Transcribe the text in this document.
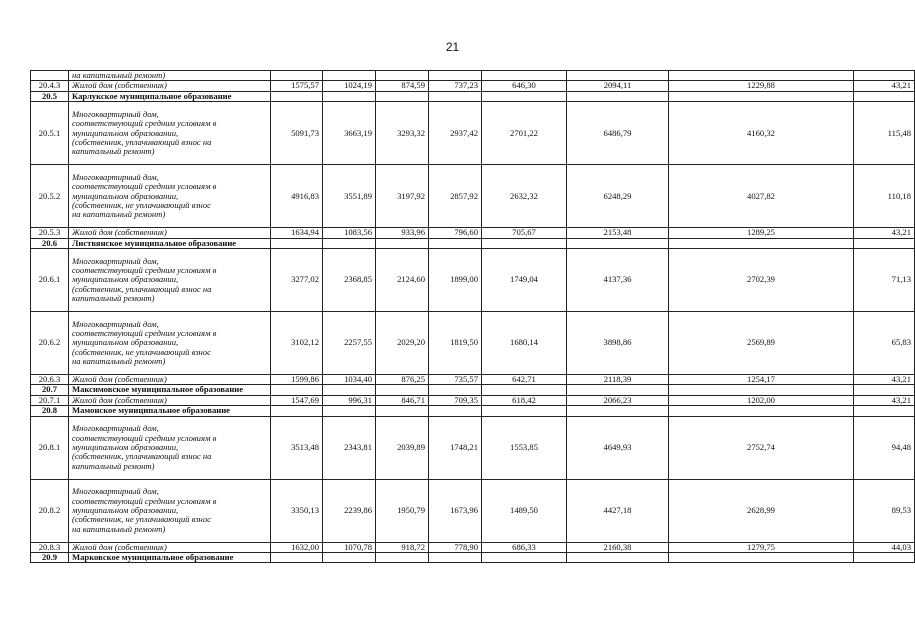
21

	на капитальный ремонт)								

20.4.3	Жилой дом (собственник)	1575,57	1024,19	874,59	737,23	646,30	2094,11	1229,88	43,21
20.5	Карлукское муниципальное образование								
20.5.1	Многоквартирный дом,
соответствующий средним условиям в
муниципальном образовании,
(собственник, уплачивающий взнос на
капитальный ремонт)	5091,73	3663,19	3293,32	2937,42	2701,22	6486,79	4160,32	115,48
20.5.2	Многоквартирный дом,
соответствующий средним условиям в
муниципальном образовании,
(собственник, не уплачивающий взнос
на капитальный ремонт)	4916,83	3551,89	3197,92	2857,92	2632,32	6248,29	4027,82	110,18
20.5.3	Жилой дом (собственник)	1634,94	1083,56	933,96	796,60	705,67	2153,48	1289,25	43,21
20.6	Листвянское муниципальное образование								
20.6.1	Многоквартирный дом,
соответствующий средним условиям в
муниципальном образовании,
(собственник, уплачивающий взнос на
капитальный ремонт)	3277,02	2368,85	2124,60	1899,00	1749,04	4137,36	2702,39	71,13
20.6.2	Многоквартирный дом,
соответствующий средним условиям в
муниципальном образовании,
(собственник, не уплачивающий взнос
на капитальный ремонт)	3102,12	2257,55	2029,20	1819,50	1680,14	3898,86	2569,89	65,83
20.6.3	Жилой дом (собственник)	1599,86	1034,40	876,25	735,57	642,71	2118,39	1254,17	43,21
20.7	Максимовское муниципальное образование								
20.7.1	Жилой дом (собственник)	1547,69	996,31	846,71	709,35	618,42	2066,23	1202,00	43,21
20.8	Мамонское муниципальное образование								
20.8.1	Многоквартирный дом,
соответствующий средним условиям в
муниципальном образовании,
(собственник, уплачивающий взнос на
капитальный ремонт)	3513,48	2343,81	2039,89	1748,21	1553,85	4649,93	2752,74	94,48
20.8.2	Многоквартирный дом,
соответствующий средним условиям в
муниципальном образовании,
(собственник, не уплачивающий взнос
на капитальный ремонт)	3350,13	2239,86	1950,79	1673,96	1489,50	4427,18	2628,99	89,53
20.8.3	Жилой дом (собственник)	1632,00	1070,78	918,72	778,90	686,33	2160,38	1279,75	44,03
20.9	Марковское муниципальное образование								
